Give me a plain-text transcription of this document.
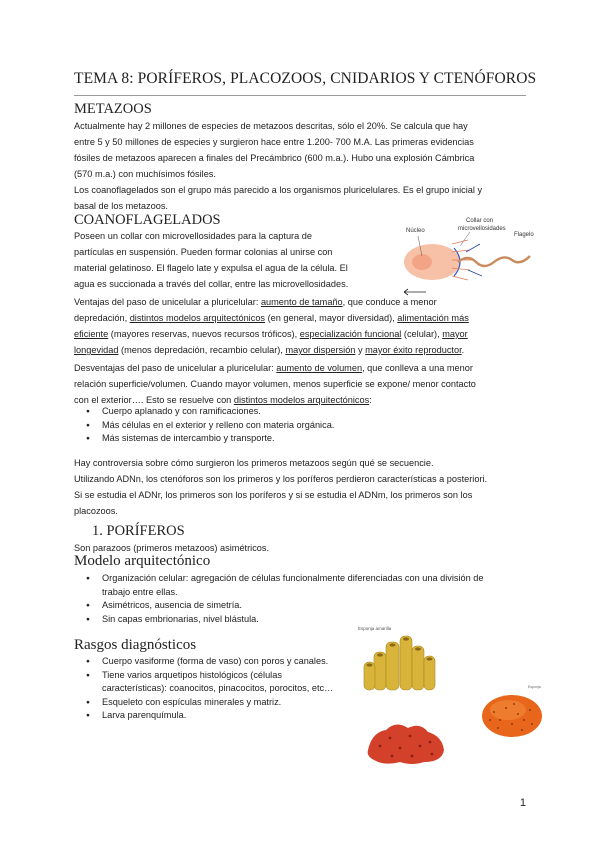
TEMA 8: PORÍFEROS, PLACOZOOS, CNIDARIOS Y CTENÓFOROS
METAZOOS
Actualmente hay 2 millones de especies de metazoos descritas, sólo el 20%. Se calcula que hay
entre 5 y 50 millones de especies y surgieron hace entre 1.200- 700 M.A. Las primeras evidencias
fósiles de metazoos aparecen a finales del Precámbrico (600 m.a.). Hubo una explosión Cámbrica
(570 m.a.) con muchísimos fósiles.
Los coanoflagelados son el grupo más parecido a los organismos pluricelulares. Es el grupo inicial y
basal de los metazoos.
COANOFLAGELADOS
Poseen un collar con microvellosidades para la captura de
partículas en suspensión. Pueden formar colonias al unirse con
material gelatinoso. El flagelo late y expulsa el agua de la célula. El
agua es succionada a través del collar, entre las microvellosidades.
Núcleo
Collar con
microvellosidades
Flagelo
Ventajas del paso de unicelular a pluricelular: aumento de tamaño, que conduce a menor
depredación, distintos modelos arquitectónicos (en general, mayor diversidad), alimentación más
eficiente (mayores reservas, nuevos recursos tróficos), especialización funcional (celular), mayor
longevidad (menos depredación, recambio celular), mayor dispersión y mayor éxito reproductor.
Desventajas del paso de unicelular a pluricelular: aumento de volumen, que conlleva a una menor
relación superficie/volumen. Cuando mayor volumen, menos superficie se expone/ menor contacto
con el exterior…. Esto se resuelve con distintos modelos arquitectónicos:
● Cuerpo aplanado y con ramificaciones.
● Más células en el exterior y relleno con materia orgánica.
● Más sistemas de intercambio y transporte.
Hay controversia sobre cómo surgieron los primeros metazoos según qué se secuencie.
Utilizando ADNn, los ctenóforos son los primeros y los poríferos perdieron características a posteriori.
Si se estudia el ADNr, los primeros son los poríferos y si se estudia el ADNm, los primeros son los
placozoos.
1. PORÍFEROS
Son parazoos (primeros metazoos) asimétricos.
Modelo arquitectónico
● Organización celular: agregación de células funcionalmente diferenciadas con una división de trabajo entre ellas.
● Asimétricos, ausencia de simetría.
● Sin capas embrionarias, nivel blástula.
Rasgos diagnósticos
● Cuerpo vasiforme (forma de vaso) con poros y canales.
● Tiene varios arquetipos histológicos (células características): coanocitos, pinacocitos, porocitos, etc…
● Esqueleto con espículas minerales y matriz.
● Larva parenquímula.
Esponja amarilla
Esponja
1
